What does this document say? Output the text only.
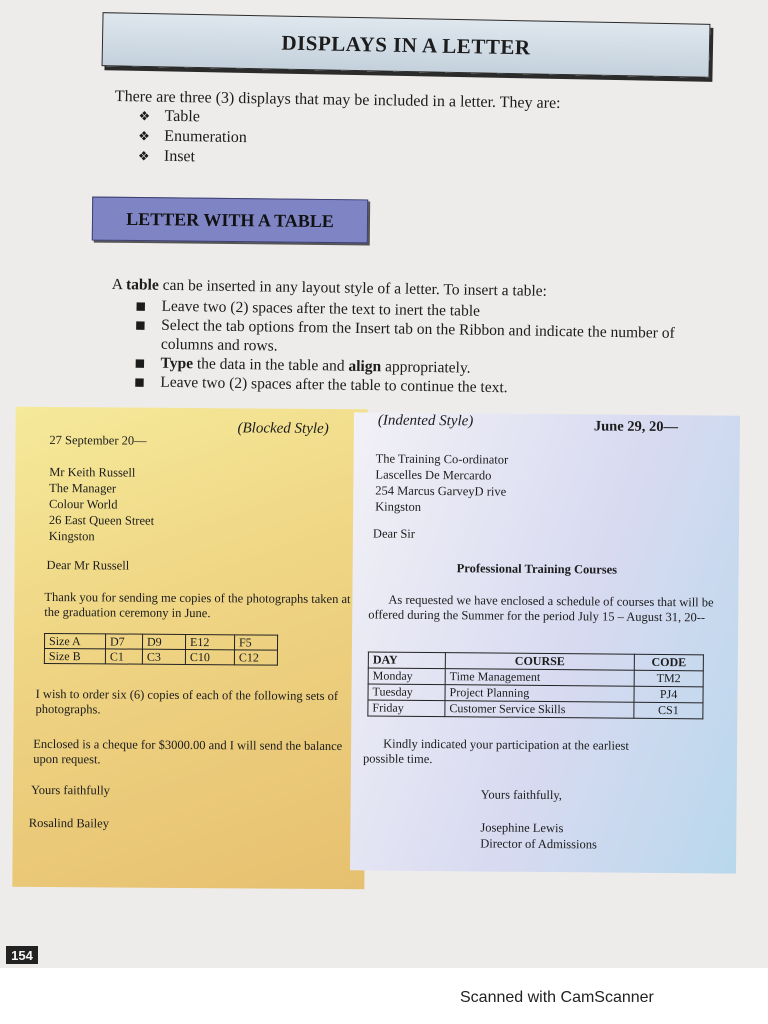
DISPLAYS IN A LETTER
There are three (3) displays that may be included in a letter. They are:
❖ Table
❖ Enumeration
❖ Inset
LETTER WITH A TABLE

A table can be inserted in any layout style of a letter. To insert a table:

■ Leave two (2) spaces after the text to inert the table
■ Select the tab options from the Insert tab on the Ribbon and indicate the number of columns and rows.
■ Type the data in the table and align appropriately.
■ Leave two (2) spaces after the table to continue the text.
(Blocked Style)

27 September 20—

Mr Keith Russell
The Manager
Colour World
26 East Queen Street
Kingston

Dear Mr Russell

Thank you for sending me copies of the photographs taken at the graduation ceremony in June.

Size A	D7	D9	E12	F5
Size B	C1	C3	C10	C12

I wish to order six (6) copies of each of the following sets of photographs.

Enclosed is a cheque for $3000.00 and I will send the balance upon request.

Yours faithfully

Rosalind Bailey

(Indented Style)	June 29, 20—
The Training Co-ordinator
Lascelles De Mercardo
254 Marcus GarveyD rive
Kingston

Dear Sir

Professional Training Courses

As requested we have enclosed a schedule of courses that will be offered during the Summer for the period July 15 – August 31, 20--

DAY	COURSE	CODE
Monday	Time Management	TM2
Tuesday	Project Planning	PJ4
Friday	Customer Service Skills	CS1

Kindly indicated your participation at the earliest possible time.

Yours faithfully,

Josephine Lewis
Director of Admissions
154
Scanned with CamScanner
